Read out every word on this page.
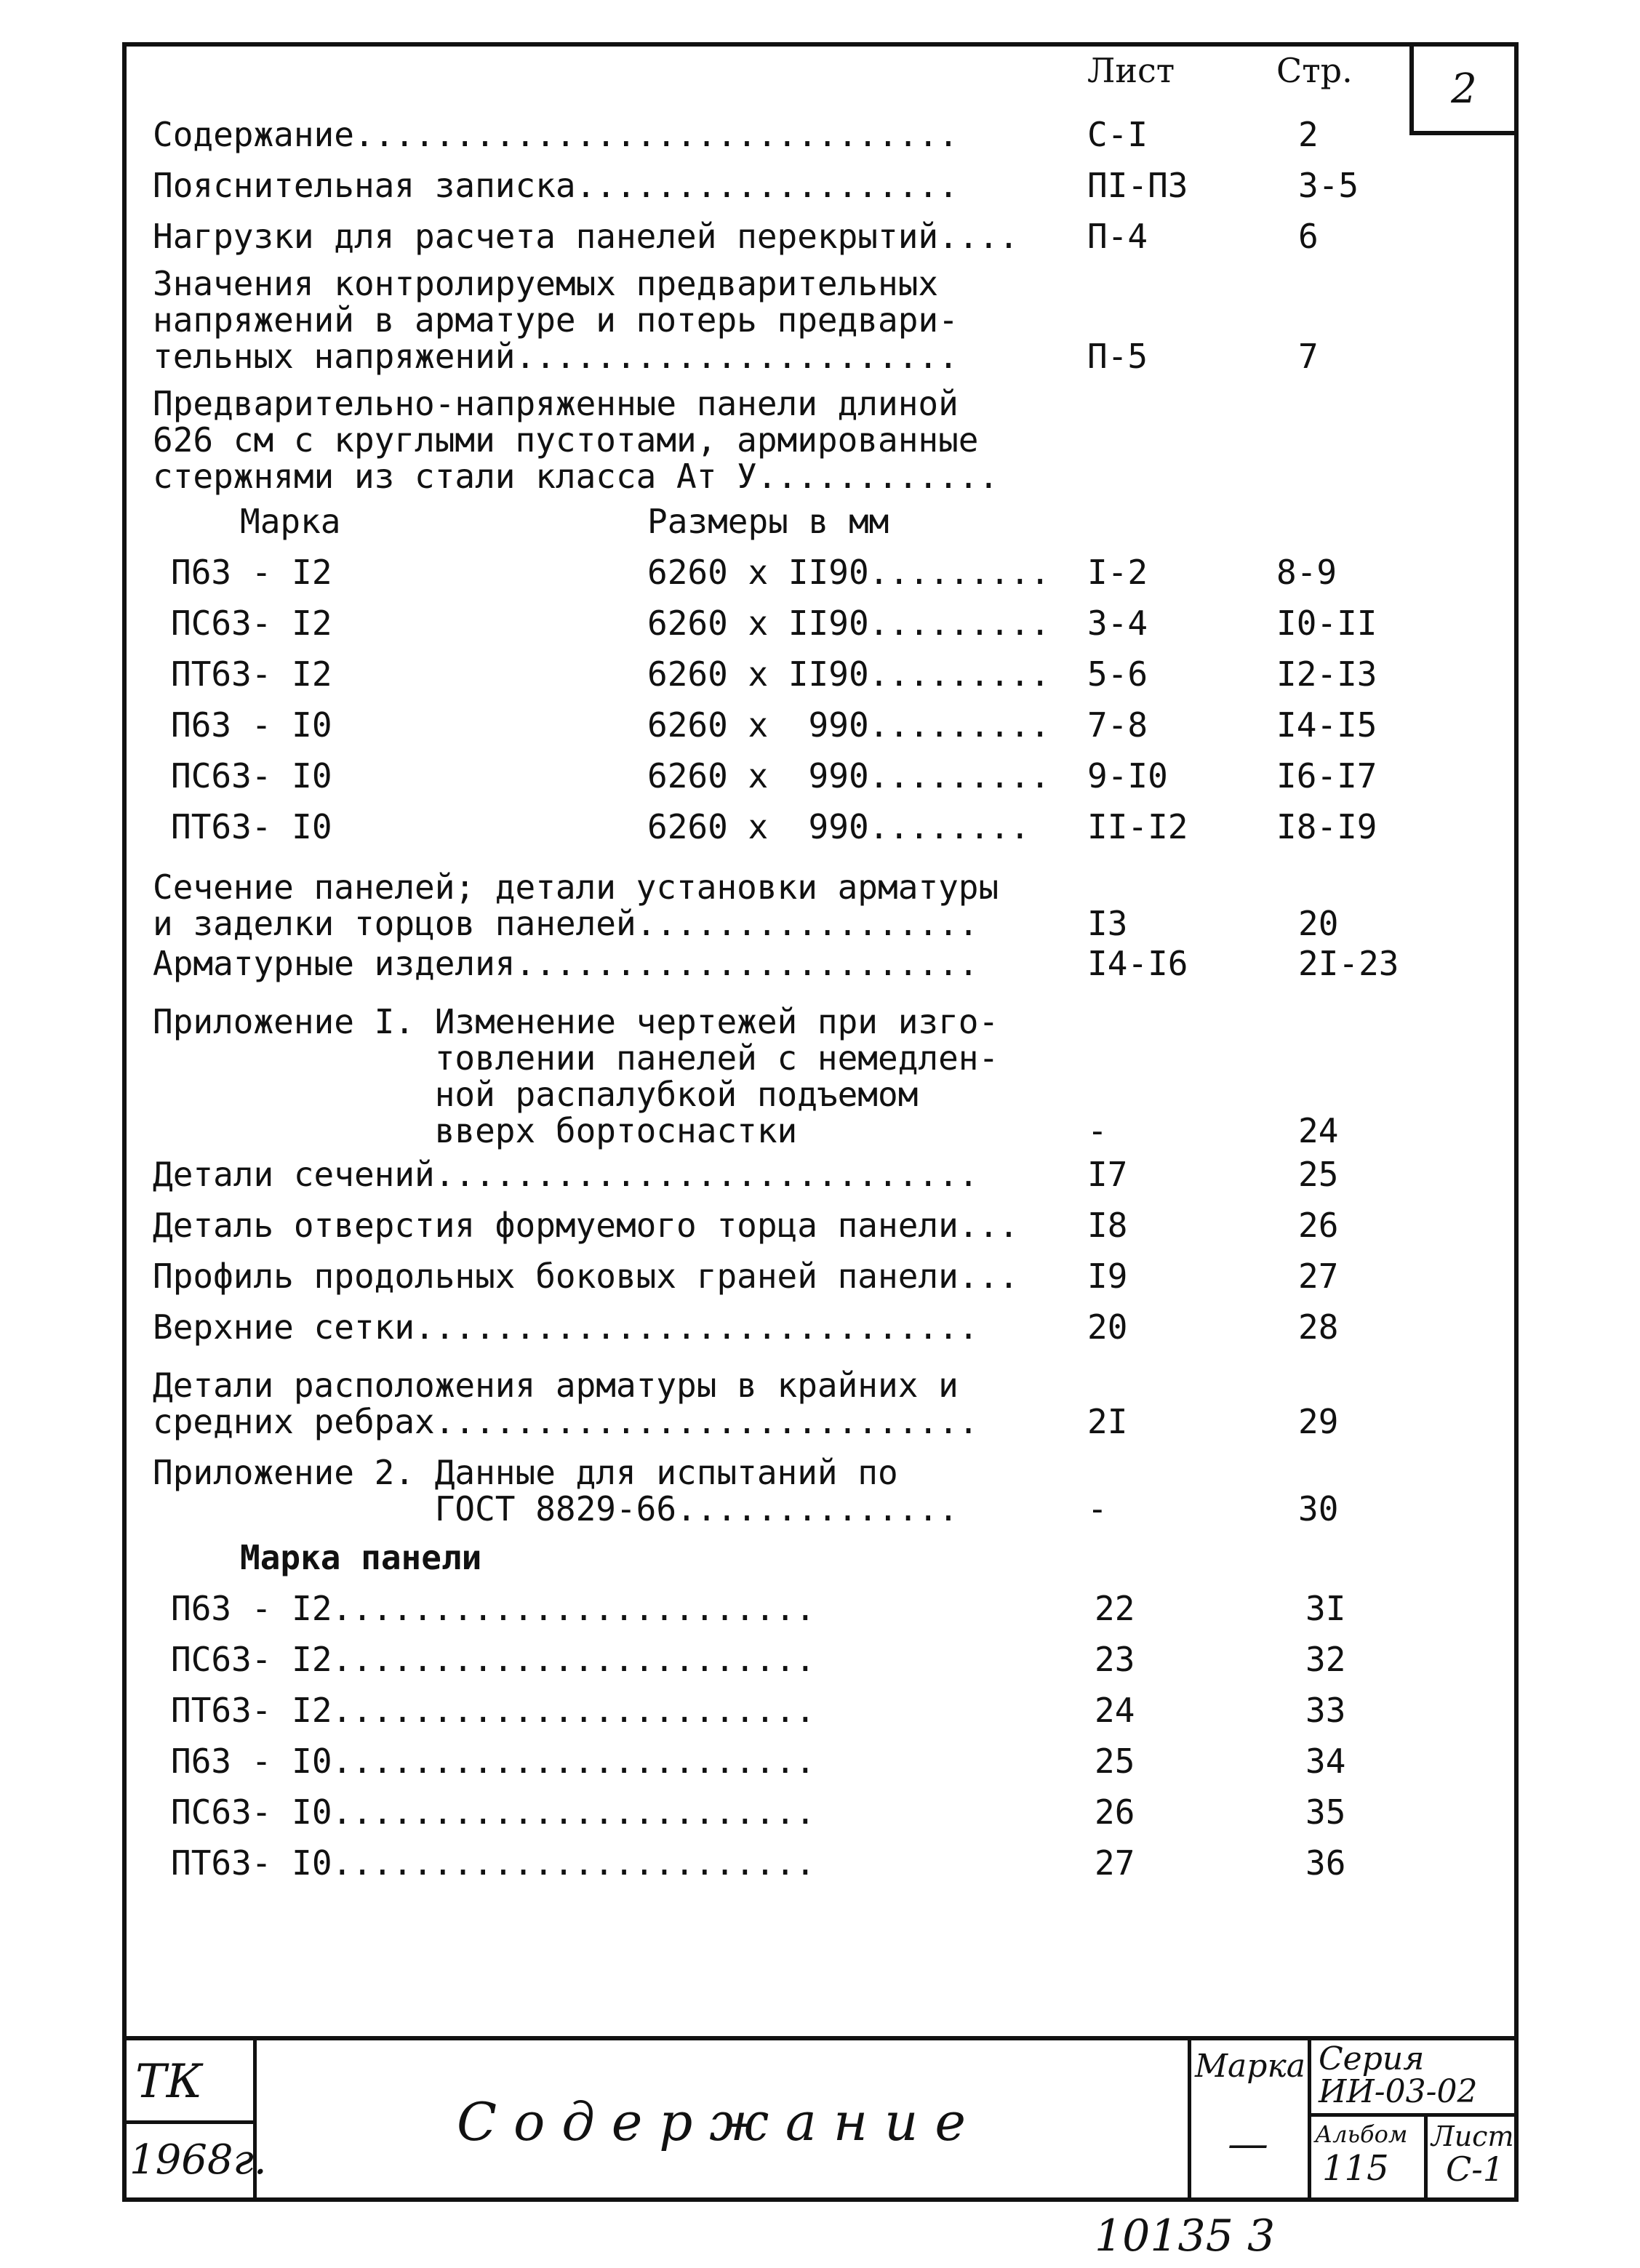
2
Лист	Стр.
Содержание..............................	С-I	2
Пояснительная записка...................	ПI-П3	3-5
Нагрузки для расчета панелей перекрытий.... П-4	6
Значения контролируемых предварительных
напряжений в арматуре и потерь предвари-
тельных напряжений......................	П-5	7
Предварительно-напряженные панели длиной
626 см с круглыми пустотами, армированные
стержнями из стали класса Ат У............
Марка	Размеры в мм
П63 - I2	6260 x II90......... I-2	8-9
ПС63- I2	6260 x II90......... 3-4	I0-II
ПТ63- I2	6260 x II90......... 5-6	I2-I3
П63 - I0	6260 x  990......... 7-8	I4-I5
ПС63- I0	6260 x  990......... 9-I0	I6-I7
ПТ63- I0	6260 x  990........ II-I2	I8-I9
Сечение панелей; детали установки арматуры
и заделки торцов панелей.................	I3	20
Арматурные изделия.......................	I4-I6	2I-23
Приложение I. Изменение чертежей при изго-
товлении панелей с немедлен-
ной распалубкой подъемом
вверх бортоснастки	-	24
Детали сечений...........................	I7	25
Деталь отверстия формуемого торца панели... I8	26
Профиль продольных боковых граней панели... I9	27
Верхние сетки............................	20	28
Детали расположения арматуры в крайних и
средних ребрах...........................	2I	29
Приложение 2. Данные для испытаний по
ГОСТ 8829-66..............	-	30
Марка панели
П63 - I2........................	22	3I
ПС63- I2........................	23	32
ПТ63- I2........................	24	33
П63 - I0........................	25	34
ПС63- I0........................	26	35
ПТ63- I0........................	27	36
ТК
1968г.
С о д е р ж а н и е
Марка
—
Серия
ИИ-03-02
Альбом
115
Лист
С-1
10135 3
